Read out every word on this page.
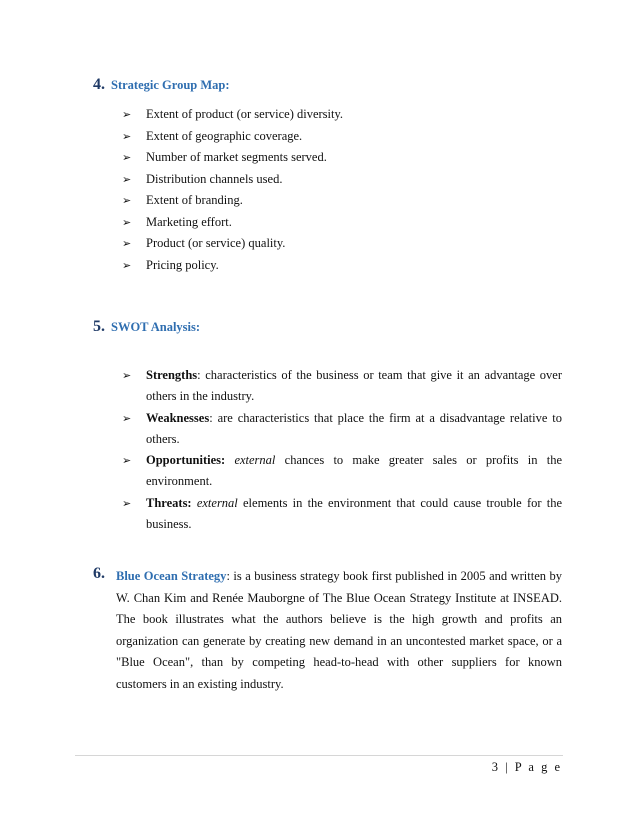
4. Strategic Group Map:
➢ Extent of product (or service) diversity.
➢ Extent of geographic coverage.
➢ Number of market segments served.
➢ Distribution channels used.
➢ Extent of branding.
➢ Marketing effort.
➢ Product (or service) quality.
➢ Pricing policy.
5. SWOT Analysis:
➢	Strengths: characteristics of the business or team that give it an advantage over others in the industry.
➢	Weaknesses: are characteristics that place the firm at a disadvantage relative to others.
➢	Opportunities: external chances to make greater sales or profits in the environment.
➢	Threats: external elements in the environment that could cause trouble for the business.

6. Blue Ocean Strategy: is a business strategy book first published in 2005 and written by W. Chan Kim and Renée Mauborgne of The Blue Ocean Strategy Institute at INSEAD. The book illustrates what the authors believe is the high growth and profits an organization can generate by creating new demand in an uncontested market space, or a "Blue Ocean", than by competing head-to-head with other suppliers for known customers in an existing industry.

3 | P a g e
